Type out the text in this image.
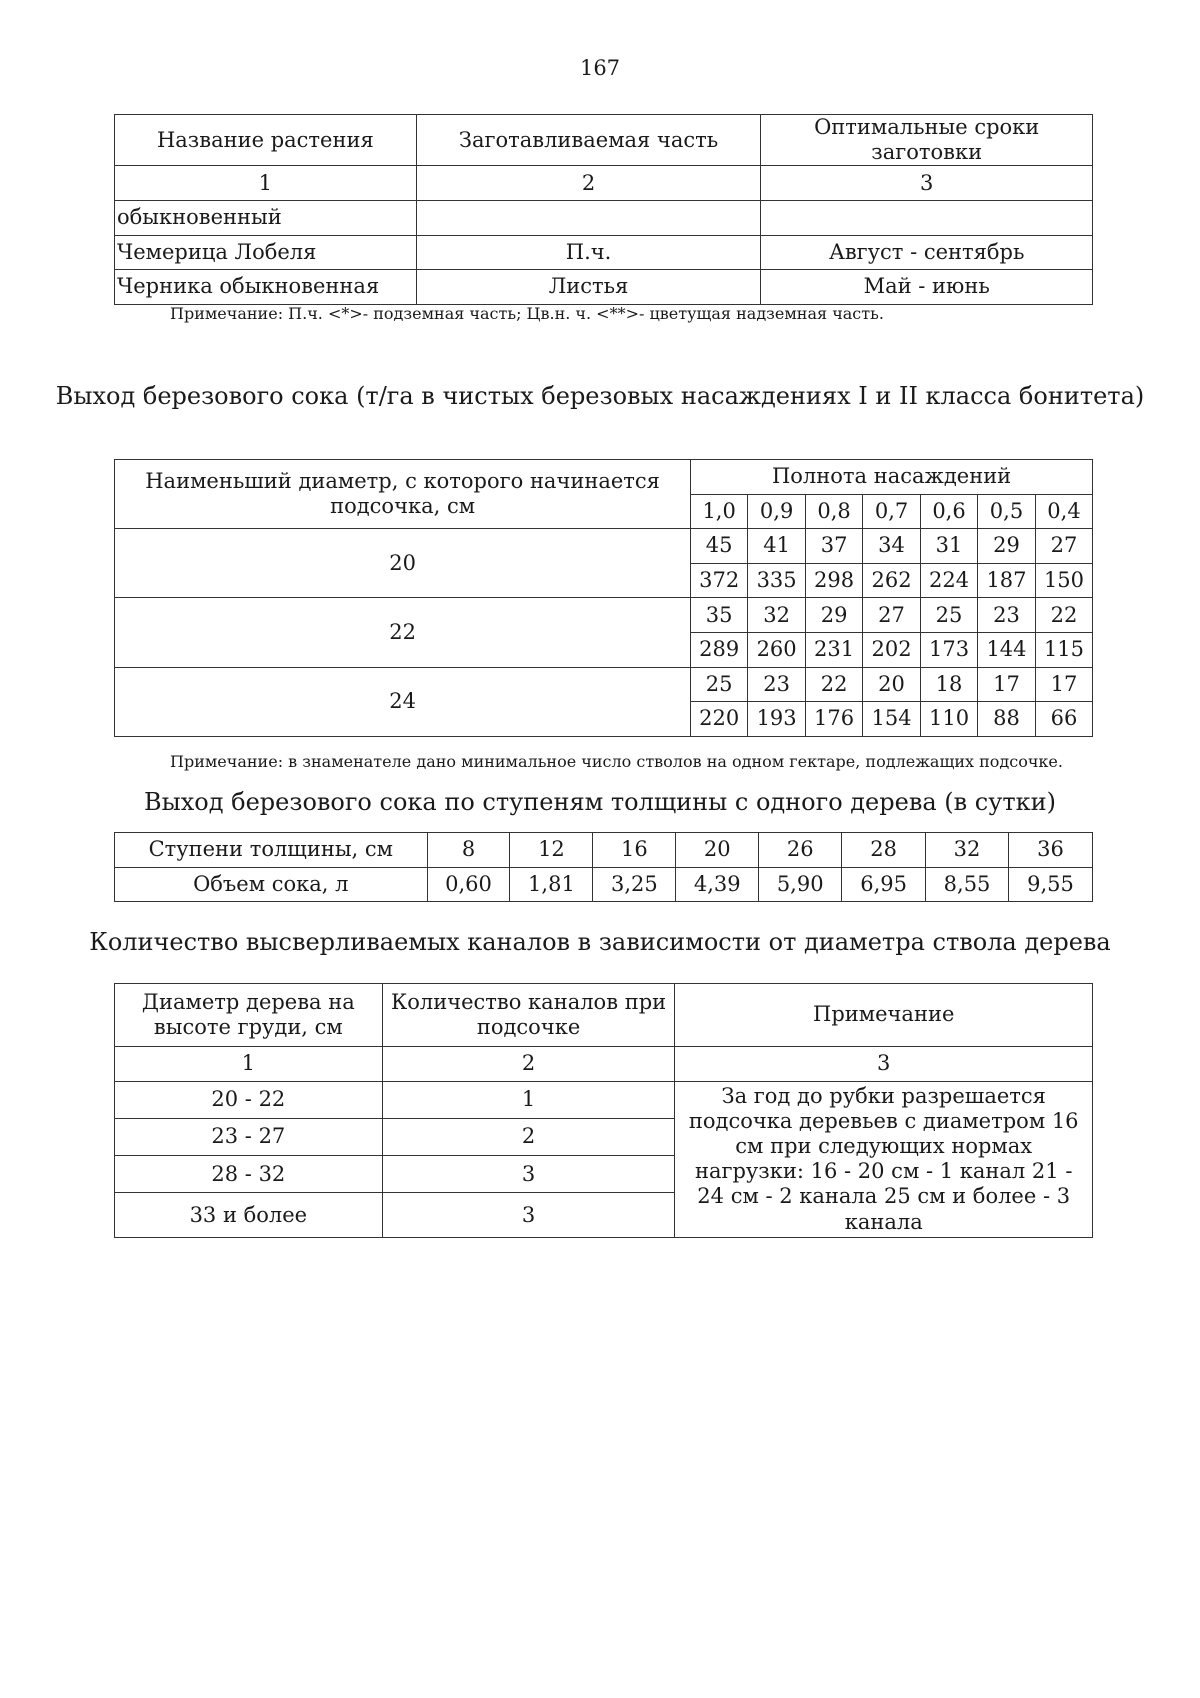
167
Название растения	Заготавливаемая часть	Оптимальные сроки заготовки
1	2	3
обыкновенный		
Чемерица Лобеля	П.ч.	Август - сентябрь
Черника обыкновенная	Листья	Май - июнь
Примечание: П.ч. <*>- подземная часть; Цв.н. ч. <**>- цветущая надземная часть.
Выход березового сока (т/га в чистых березовых насаждениях I и II класса бонитета)
Наименьший диаметр, с которого начинается подсочка, см	Полнота насаждений						
	1,0	0,9	0,8	0,7	0,6	0,5	0,4
20	45	41	37	34	31	29	27
	372	335	298	262	224	187	150
22	35	32	29	27	25	23	22
	289	260	231	202	173	144	115
24	25	23	22	20	18	17	17
	220	193	176	154	110	88	66
Примечание: в знаменателе дано минимальное число стволов на одном гектаре, подлежащих подсочке.
Выход березового сока по ступеням толщины с одного дерева (в сутки)
Ступени толщины, см	8	12	16	20	26	28	32	36
Объем сока, л	0,60	1,81	3,25	4,39	5,90	6,95	8,55	9,55
Количество высверливаемых каналов в зависимости от диаметра ствола дерева
Диаметр дерева на высоте груди, см	Количество каналов при подсочке	Примечание
1	2	3
20 - 22	1	За год до рубки разрешается подсочка деревьев с диаметром 16 см при следующих нормах нагрузки: 16 - 20 см - 1 канал 21 - 24 см - 2 канала 25 см и более - 3 канала
23 - 27	2	
28 - 32	3	
33 и более	3	
